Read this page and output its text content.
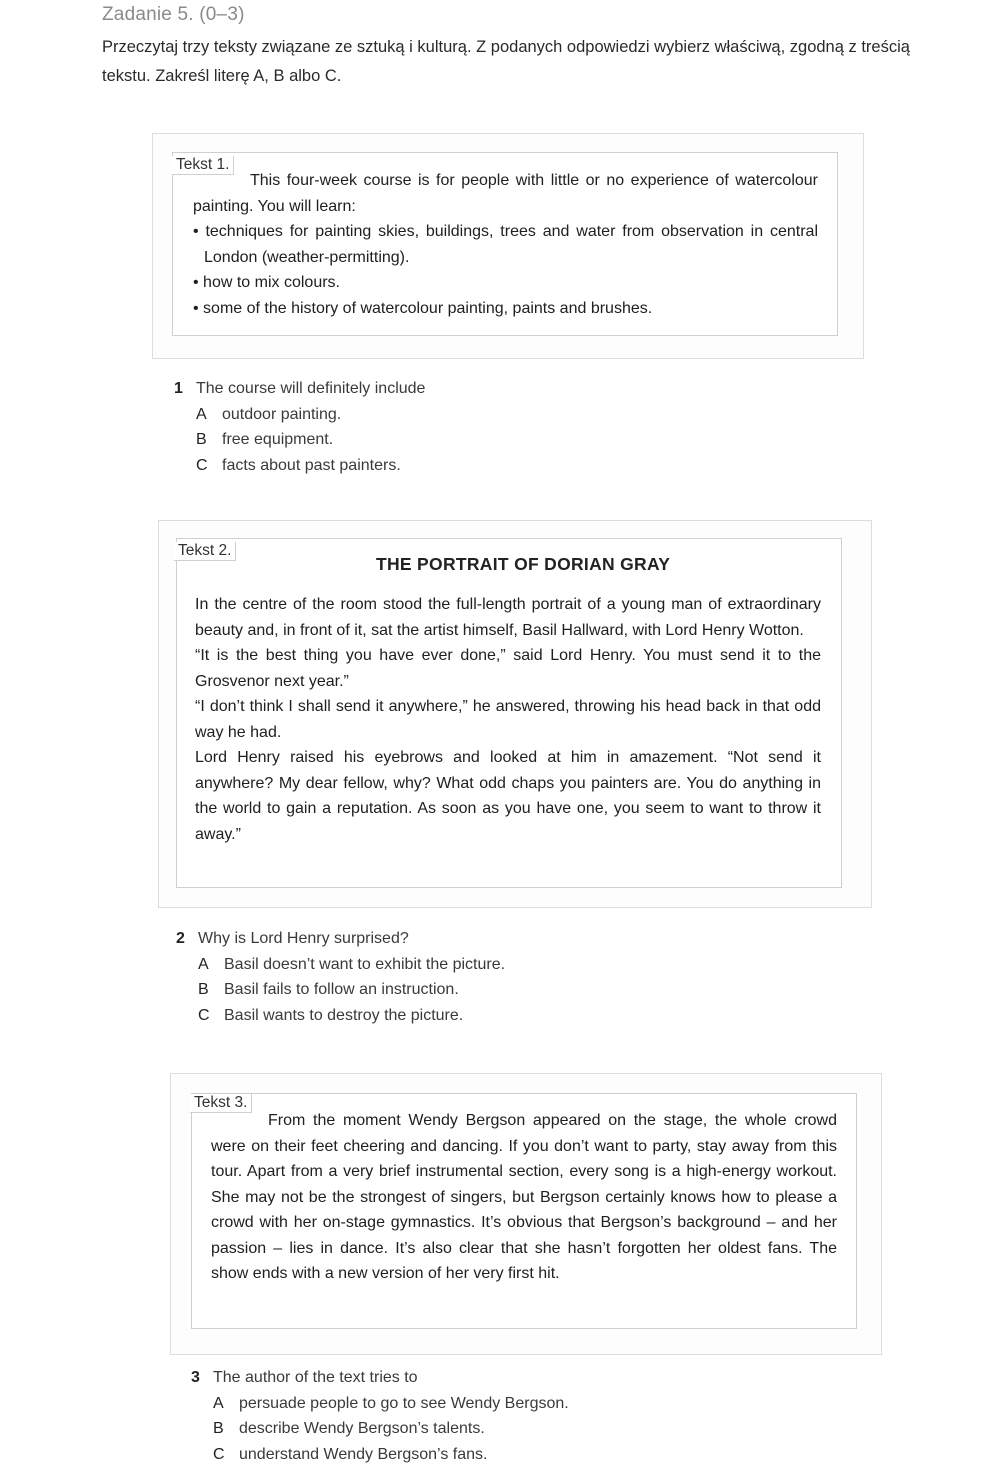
Zadanie 5. (0–3)
Przeczytaj trzy teksty związane ze sztuką i kulturą. Z podanych odpowiedzi wybierz właściwą, zgodną z treścią tekstu. Zakreśl literę A, B albo C.
Tekst 1.
This four-week course is for people with little or no experience of watercolour painting. You will learn:
• techniques for painting skies, buildings, trees and water from observation in central London (weather-permitting).
• how to mix colours.
• some of the history of watercolour painting, paints and brushes.
1 The course will definitely include
A outdoor painting.
B free equipment.
C facts about past painters.
Tekst 2.
THE PORTRAIT OF DORIAN GRAY
In the centre of the room stood the full-length portrait of a young man of extraordinary beauty and, in front of it, sat the artist himself, Basil Hallward, with Lord Henry Wotton.
“It is the best thing you have ever done,” said Lord Henry. You must send it to the Grosvenor next year.”
“I don’t think I shall send it anywhere,” he answered, throwing his head back in that odd way he had.
Lord Henry raised his eyebrows and looked at him in amazement. “Not send it anywhere? My dear fellow, why? What odd chaps you painters are. You do anything in the world to gain a reputation. As soon as you have one, you seem to want to throw it away.”
2 Why is Lord Henry surprised?
A Basil doesn’t want to exhibit the picture.
B Basil fails to follow an instruction.
C Basil wants to destroy the picture.
Tekst 3.
From the moment Wendy Bergson appeared on the stage, the whole crowd were on their feet cheering and dancing. If you don’t want to party, stay away from this tour. Apart from a very brief instrumental section, every song is a high-energy workout. She may not be the strongest of singers, but Bergson certainly knows how to please a crowd with her on-stage gymnastics. It’s obvious that Bergson’s background – and her passion – lies in dance. It’s also clear that she hasn’t forgotten her oldest fans. The show ends with a new version of her very first hit.
3 The author of the text tries to
A persuade people to go to see Wendy Bergson.
B describe Wendy Bergson’s talents.
C understand Wendy Bergson’s fans.
